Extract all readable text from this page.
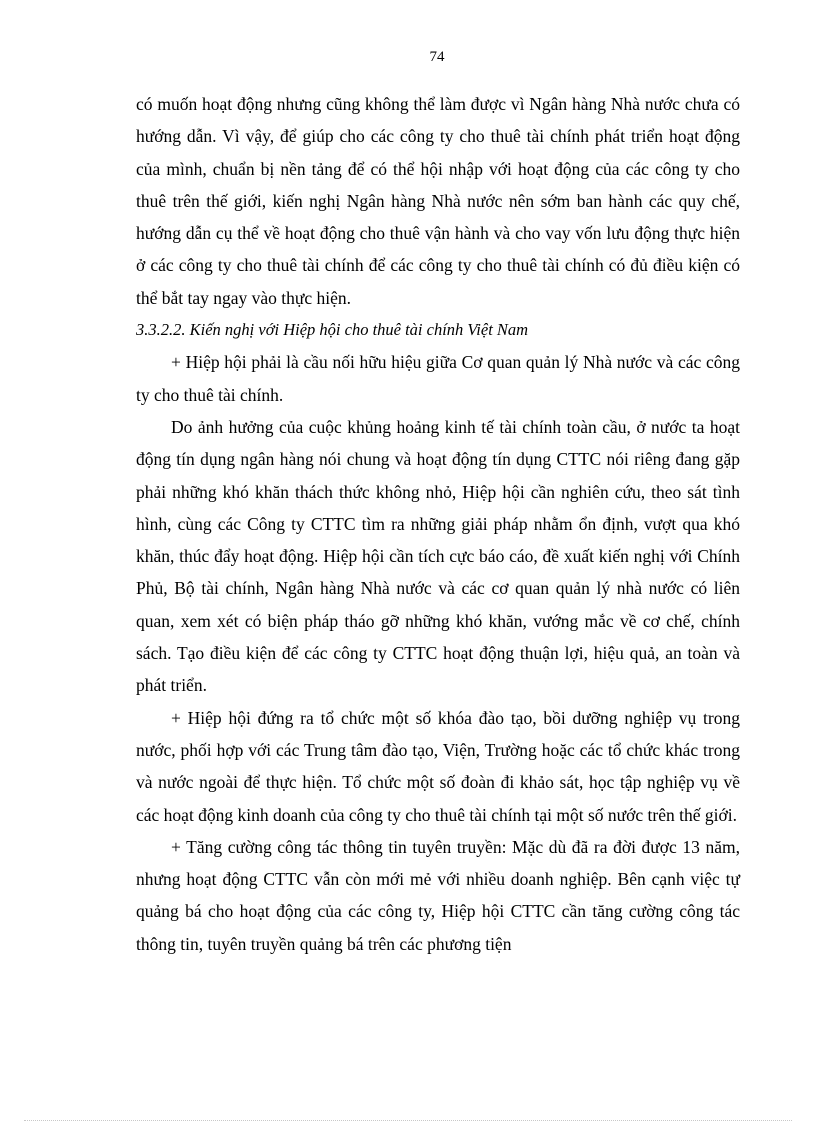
74

có muốn hoạt động nhưng cũng không thể làm được vì Ngân hàng Nhà nước chưa có hướng dẫn. Vì vậy, để giúp cho các công ty cho thuê tài chính phát triển hoạt động của mình, chuẩn bị nền tảng để có thể hội nhập với hoạt động của các công ty cho thuê trên thế giới, kiến nghị Ngân hàng Nhà nước nên sớm ban hành các quy chế, hướng dẫn cụ thể về hoạt động cho thuê vận hành và cho vay vốn lưu động thực hiện ở các công ty cho thuê tài chính để các công ty cho thuê tài chính có đủ điều kiện có thể bắt tay ngay vào thực hiện.

3.3.2.2. Kiến nghị với Hiệp hội cho thuê tài chính Việt Nam

+ Hiệp hội phải là cầu nối hữu hiệu giữa Cơ quan quản lý Nhà nước và các công ty cho thuê tài chính.

Do ảnh hưởng của cuộc khủng hoảng kinh tế tài chính toàn cầu, ở nước ta hoạt động tín dụng ngân hàng nói chung và hoạt động tín dụng CTTC nói riêng đang gặp phải những khó khăn thách thức không nhỏ, Hiệp hội cần nghiên cứu, theo sát tình hình, cùng các Công ty CTTC tìm ra những giải pháp nhằm ổn định, vượt qua khó khăn, thúc đẩy hoạt động. Hiệp hội cần tích cực báo cáo, đề xuất kiến nghị với Chính Phủ, Bộ tài chính, Ngân hàng Nhà nước và các cơ quan quản lý nhà nước có liên quan, xem xét có biện pháp tháo gỡ những khó khăn, vướng mắc về cơ chế, chính sách. Tạo điều kiện để các công ty CTTC hoạt động thuận lợi, hiệu quả, an toàn và phát triển.

+ Hiệp hội đứng ra tổ chức một số khóa đào tạo, bồi dưỡng nghiệp vụ trong nước, phối hợp với các Trung tâm đào tạo, Viện, Trường hoặc các tổ chức khác trong và nước ngoài để thực hiện. Tổ chức một số đoàn đi khảo sát, học tập nghiệp vụ về các hoạt động kinh doanh của công ty cho thuê tài chính tại một số nước trên thế giới.

+ Tăng cường công tác thông tin tuyên truyền: Mặc dù đã ra đời được 13 năm, nhưng hoạt động CTTC vẫn còn mới mẻ với nhiều doanh nghiệp. Bên cạnh việc tự quảng bá cho hoạt động của các công ty, Hiệp hội CTTC cần tăng cường công tác thông tin, tuyên truyền quảng bá trên các phương tiện
